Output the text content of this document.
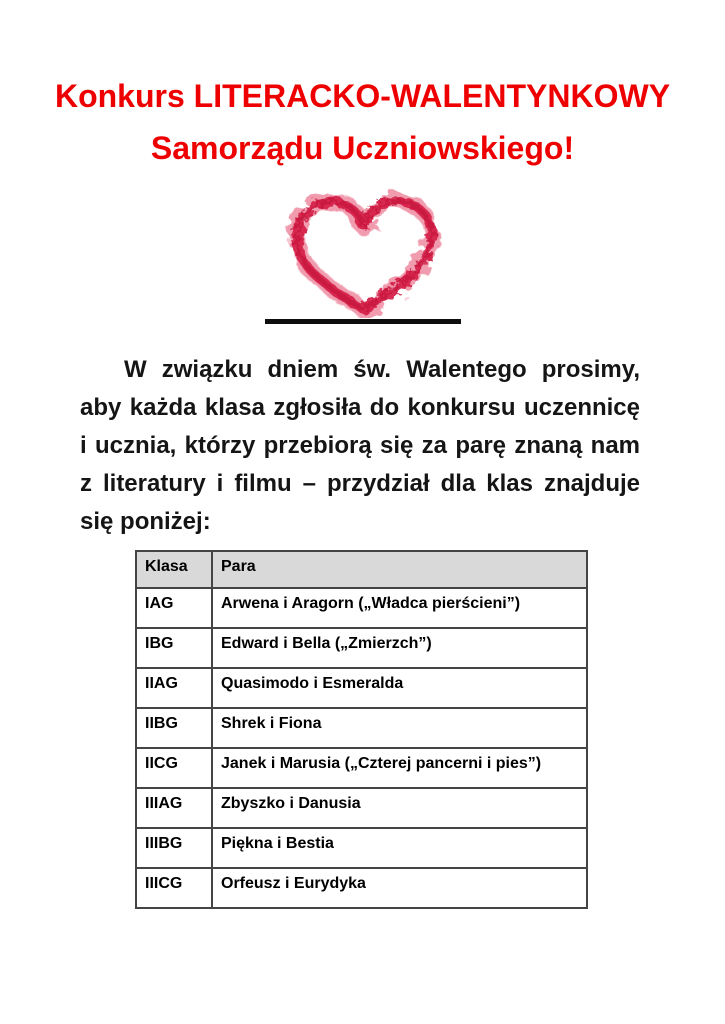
Konkurs LITERACKO-WALENTYNKOWY
Samorządu Uczniowskiego!
W związku dniem św. Walentego prosimy,
aby każda klasa zgłosiła do konkursu uczennicę
i ucznia, którzy przebiorą się za parę znaną nam
z literatury i filmu – przydział dla klas znajduje
się poniżej:
Klasa	Para
IAG	Arwena i Aragorn („Władca pierścieni”)
IBG	Edward i Bella („Zmierzch”)
IIAG	Quasimodo i Esmeralda
IIBG	Shrek i Fiona
IICG	Janek i Marusia („Czterej pancerni i pies”)
IIIAG	Zbyszko i Danusia
IIIBG	Piękna i Bestia
IIICG	Orfeusz i Eurydyka
